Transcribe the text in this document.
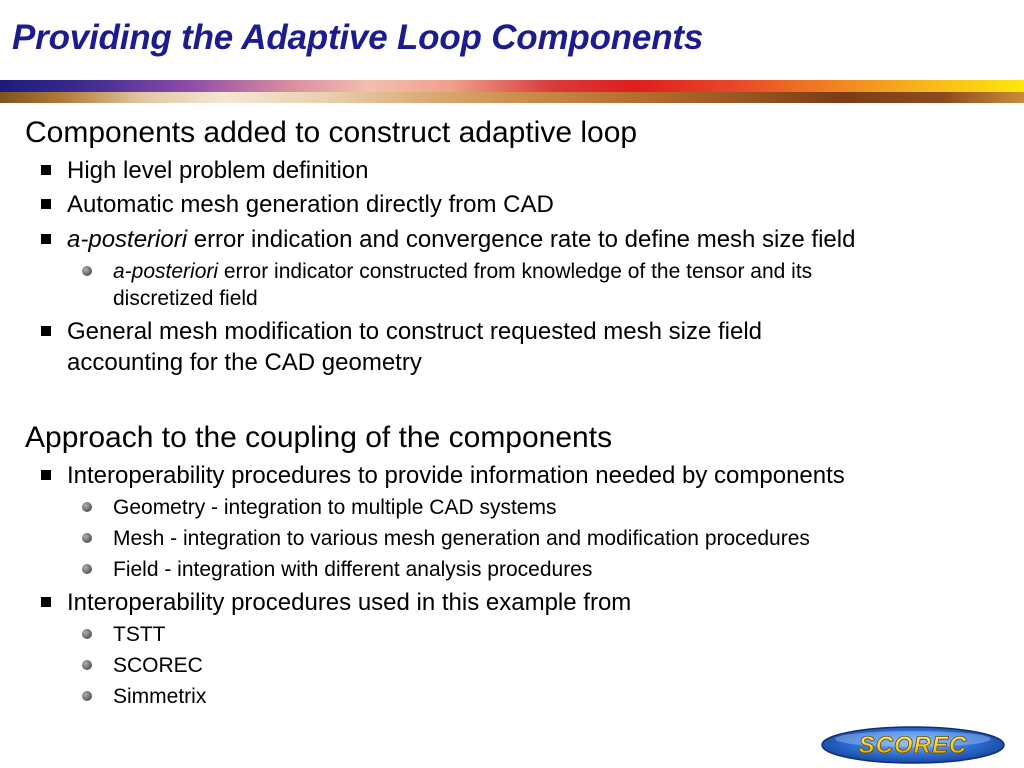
Providing the Adaptive Loop Components
Components added to construct adaptive loop
High level problem definition
Automatic mesh generation directly from CAD
a-posteriori error indication and convergence rate to define mesh size field
a-posteriori error indicator constructed from knowledge of the tensor and its
discretized field
General mesh modification to construct requested mesh size field
accounting for the CAD geometry
Approach to the coupling of the components
Interoperability procedures to provide information needed by components
Geometry - integration to multiple CAD systems
Mesh - integration to various mesh generation and modification procedures
Field - integration with different analysis procedures
Interoperability procedures used in this example from
TSTT
SCOREC
Simmetrix
SCOREC
